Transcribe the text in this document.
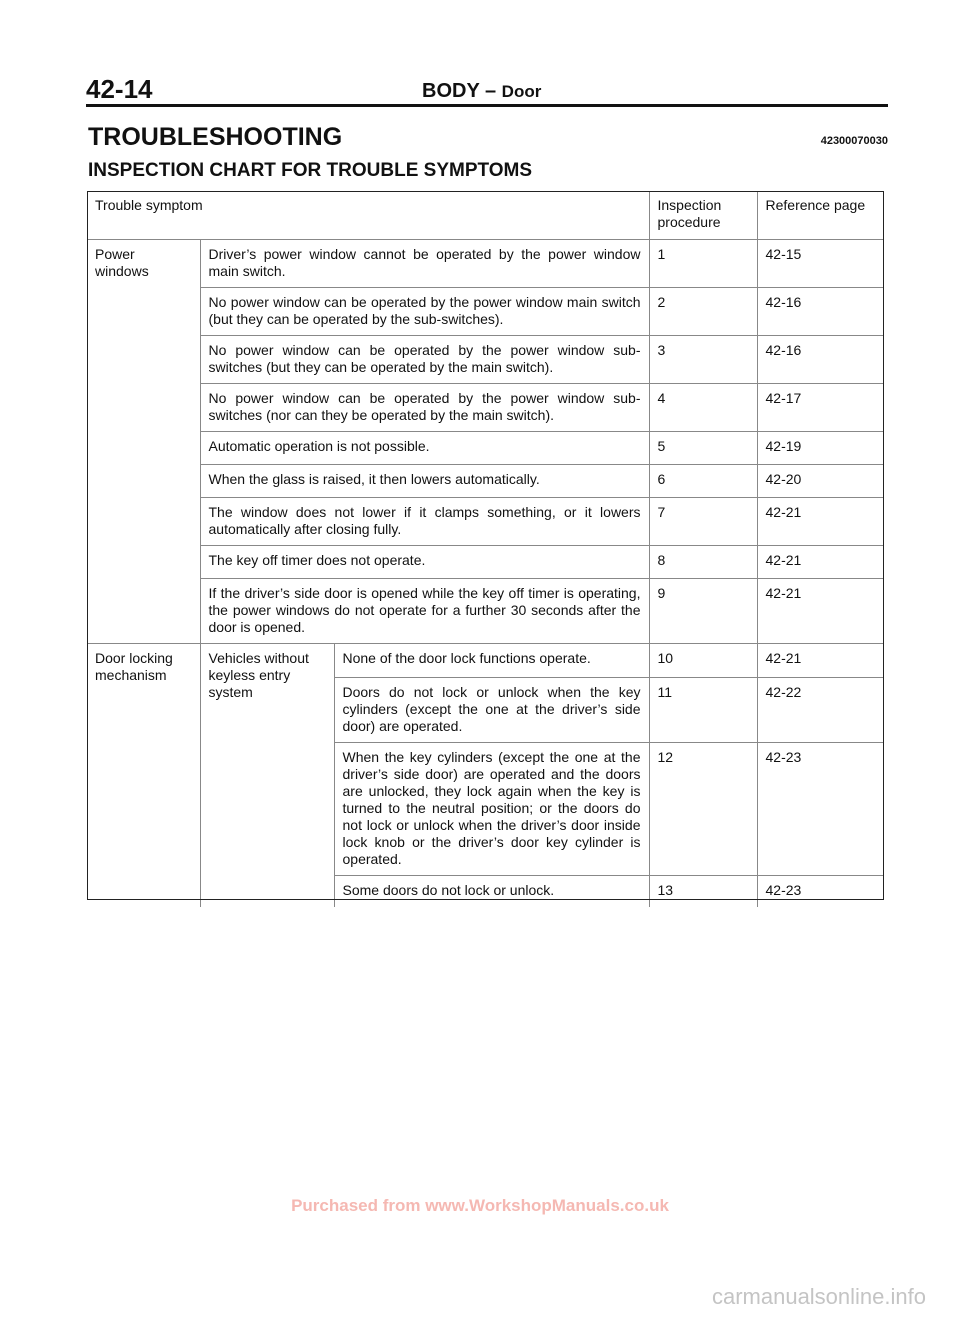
42-14	BODY – Door
TROUBLESHOOTING	42300070030
INSPECTION CHART FOR TROUBLE SYMPTOMS
Trouble symptom			Inspection procedure	Reference page
Power windows	Driver’s power window cannot be operated by the power window main switch.		1	42-15
	No power window can be operated by the power window main switch (but they can be operated by the sub-switches).		2	42-16
	No power window can be operated by the power window sub-switches (but they can be operated by the main switch).		3	42-16
	No power window can be operated by the power window sub-switches (nor can they be operated by the main switch).		4	42-17
	Automatic operation is not possible.		5	42-19
	When the glass is raised, it then lowers automatically.		6	42-20
	The window does not lower if it clamps something, or it lowers automatically after closing fully.		7	42-21
	The key off timer does not operate.		8	42-21
	If the driver’s side door is opened while the key off timer is operating, the power windows do not operate for a further 30 seconds after the door is opened.		9	42-21
Door locking mechanism	Vehicles without keyless entry system	None of the door lock functions operate.	10	42-21
		Doors do not lock or unlock when the key cylinders (except the one at the driver’s side door) are operated.	11	42-22
		When the key cylinders (except the one at the driver’s side door) are operated and the doors are unlocked, they lock again when the key is turned to the neutral position; or the doors do not lock or unlock when the driver’s door inside lock knob or the driver’s door key cylinder is operated.	12	42-23
		Some doors do not lock or unlock.	13	42-23
Purchased from www.WorkshopManuals.co.uk
carmanualsonline.info
